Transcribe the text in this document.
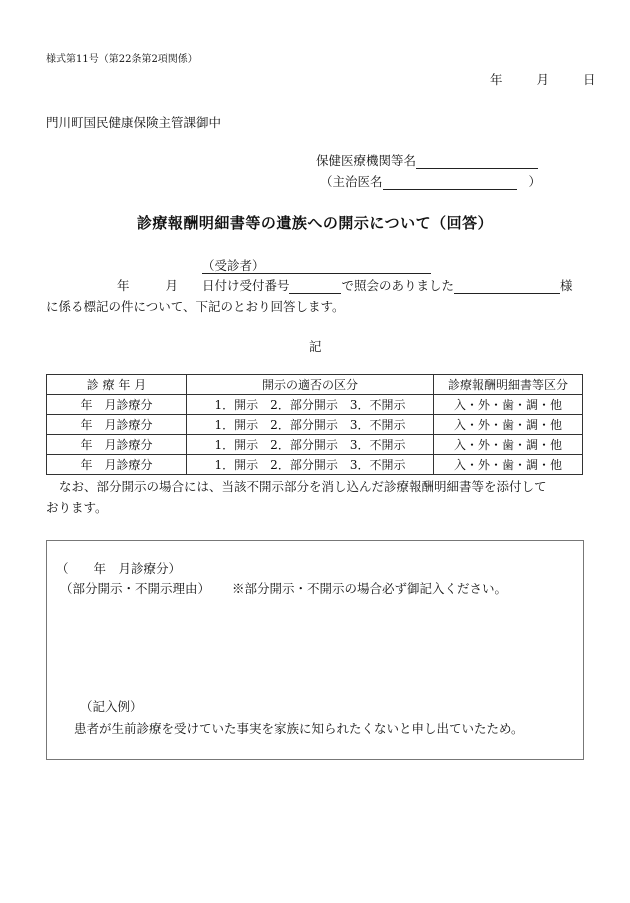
様式第11号（第22条第2項関係）
年	月	日
門川町国民健康保険主管課御中
保健医療機関等名
（主治医名	）
診療報酬明細書等の遺族への開示について（回答）
（受診者）
年	月 日付け受付番号	で照会のありました	様
に係る標記の件について、下記のとおり回答します。
記
診 療 年 月	開示の適否の区分	診療報酬明細書等区分
年　月診療分	1．開示　2．部分開示　3．不開示	入・外・歯・調・他
年　月診療分	1．開示　2．部分開示　3．不開示	入・外・歯・調・他
年　月診療分	1．開示　2．部分開示　3．不開示	入・外・歯・調・他
年　月診療分	1．開示　2．部分開示　3．不開示	入・外・歯・調・他
なお、部分開示の場合には、当該不開示部分を消し込んだ診療報酬明細書等を添付して
おります。
（　　年　月診療分）
（部分開示・不開示理由） ※部分開示・不開示の場合必ず御記入ください。
（記入例）
患者が生前診療を受けていた事実を家族に知られたくないと申し出ていたため。
